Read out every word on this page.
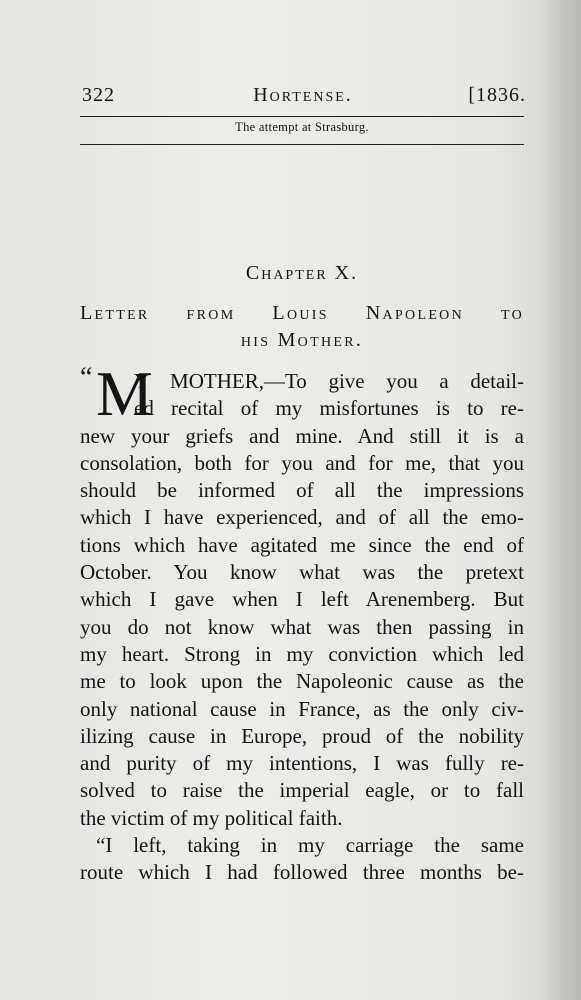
322	Hortense.	[1836.
The attempt at Strasburg.
Chapter X.
Letter from Louis Napoleon to
his Mother.
“ M
Y MOTHER,—To give you a detail-
ed recital of my misfortunes is to re-
new your griefs and mine. And still it is a
consolation, both for you and for me, that you
should be informed of all the impressions
which I have experienced, and of all the emo-
tions which have agitated me since the end of
October. You know what was the pretext
which I gave when I left Arenemberg. But
you do not know what was then passing in
my heart. Strong in my conviction which led
me to look upon the Napoleonic cause as the
only national cause in France, as the only civ-
ilizing cause in Europe, proud of the nobility
and purity of my intentions, I was fully re-
solved to raise the imperial eagle, or to fall
the victim of my political faith.
“I left, taking in my carriage the same
route which I had followed three months be-
